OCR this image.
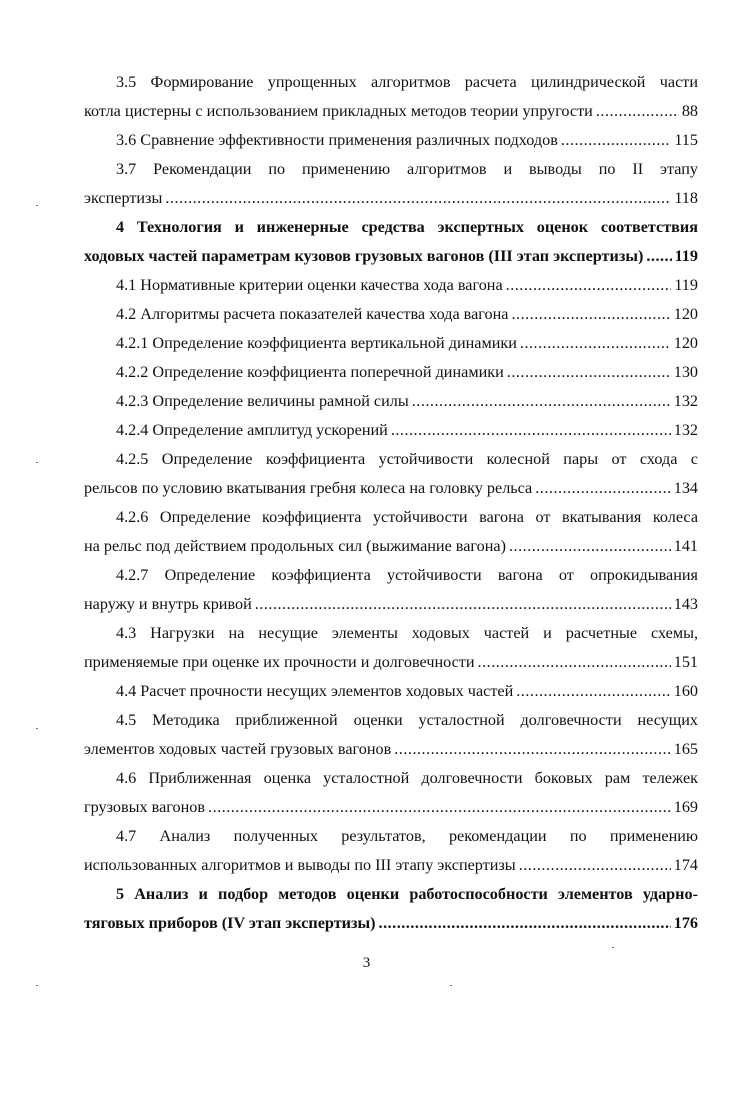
3.5 Формирование упрощенных алгоритмов расчета цилиндрической части
котла цистерны с использованием прикладных методов теории упругости .....	88
3.6 Сравнение эффективности применения различных подходов .....	115
3.7 Рекомендации по применению алгоритмов и выводы по II этапу
экспертизы .....	118
4 Технология и инженерные средства экспертных оценок соответствия
ходовых частей параметрам кузовов грузовых вагонов (III этап экспертизы) ..... 119
4.1 Нормативные критерии оценки качества хода вагона .....	119
4.2 Алгоритмы расчета показателей качества хода вагона .....	120
4.2.1 Определение коэффициента вертикальной динамики .....	120
4.2.2 Определение коэффициента поперечной динамики .....	130
4.2.3 Определение величины рамной силы .....	132
4.2.4 Определение амплитуд ускорений .....	132
4.2.5 Определение коэффициента устойчивости колесной пары от схода с
рельсов по условию вкатывания гребня колеса на головку рельса .....	134
4.2.6 Определение коэффициента устойчивости вагона от вкатывания колеса
на рельс под действием продольных сил (выжимание вагона) .....	141
4.2.7 Определение коэффициента устойчивости вагона от опрокидывания
наружу и внутрь кривой .....	143
4.3 Нагрузки на несущие элементы ходовых частей и расчетные схемы,
применяемые при оценке их прочности и долговечности .....	151
4.4 Расчет прочности несущих элементов ходовых частей .....	160
4.5 Методика приближенной оценки усталостной долговечности несущих
элементов ходовых частей грузовых вагонов .....	165
4.6 Приближенная оценка усталостной долговечности боковых рам тележек
грузовых вагонов .....	169
4.7 Анализ полученных результатов, рекомендации по применению
использованных алгоритмов и выводы по III этапу экспертизы .....	174
5 Анализ и подбор методов оценки работоспособности элементов ударно-
тяговых приборов (IV этап экспертизы) .....	176
3
